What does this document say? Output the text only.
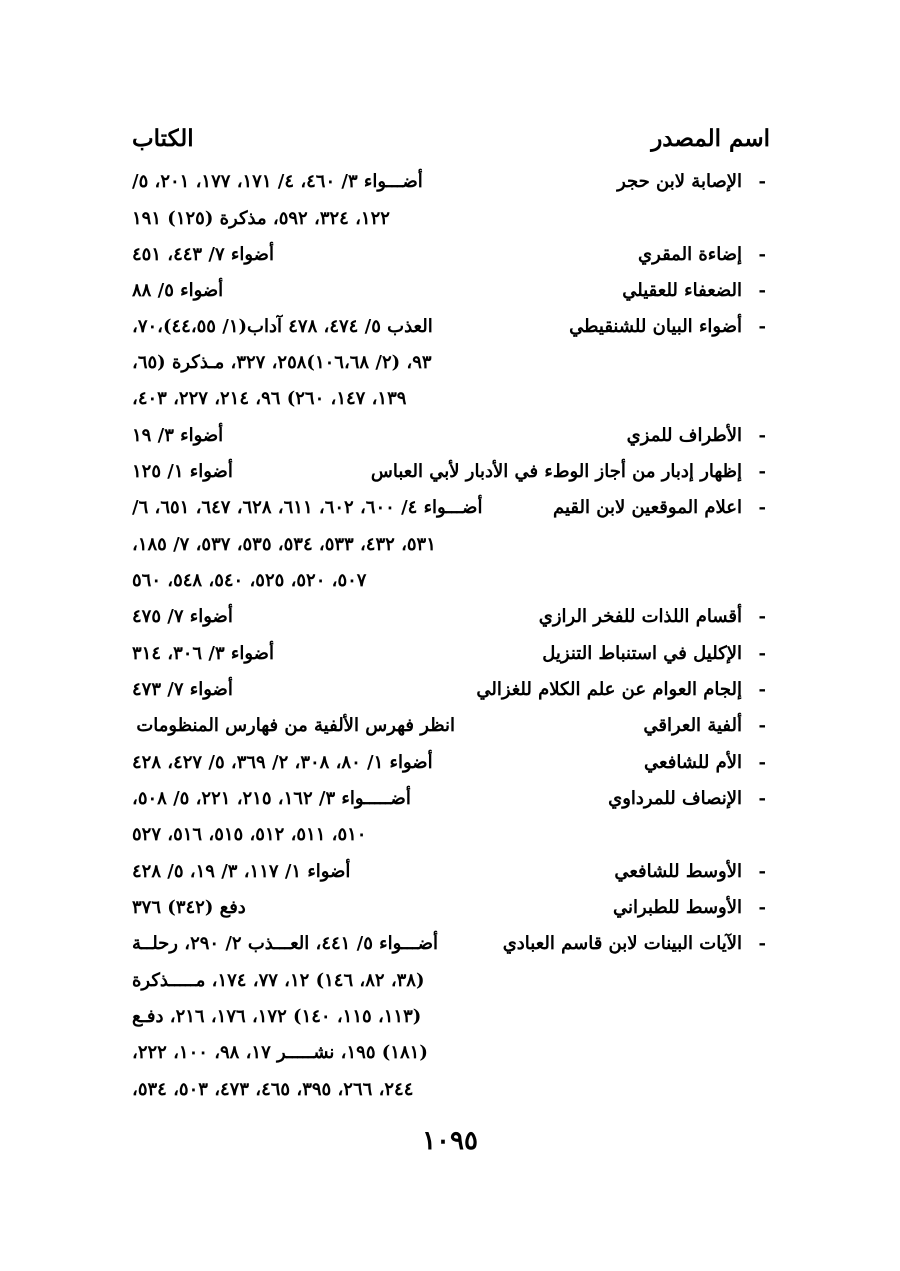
اسم المصدر
الكتاب
-
الإصابة لابن حجر
أضـــواء ٣/ ٤٦٠، ٤/ ١٧١، ١٧٧، ٢٠١، ٥/
١٢٢، ٣٢٤، ٥٩٢، مذكرة (١٢٥) ١٩١
-
إضاءة المقري
أضواء ٧/ ٤٤٣، ٤٥١
-
الضعفاء للعقيلي
أضواء ٥/ ٨٨
-
أضواء البيان للشنقيطي
العذب ٥/ ٤٧٤، ٤٧٨ آداب(١/ ٤٤،٥٥)،٧٠،
٩٣، (٢/ ١٠٦،٦٨)٢٥٨، ٣٢٧، مـذكرة (٦٥،
١٣٩، ١٤٧، ٢٦٠) ٩٦، ٢١٤، ٢٢٧، ٤٠٣،
-
الأطراف للمزي
أضواء ٣/ ١٩
-
إظهار إدبار من أجاز الوطء في الأدبار لأبي العباس
أضواء ١/ ١٢٥
-
اعلام الموقعين لابن القيم
أضـــواء ٤/ ٦٠٠، ٦٠٢، ٦١١، ٦٢٨، ٦٤٧، ٦٥١، ٦/
٥٣١، ٤٣٢، ٥٣٣، ٥٣٤، ٥٣٥، ٥٣٧، ٧/ ١٨٥،
٥٠٧، ٥٢٠، ٥٢٥، ٥٤٠، ٥٤٨، ٥٦٠
-
أقسام اللذات للفخر الرازي
أضواء ٧/ ٤٧٥
-
الإكليل في استنباط التنزيل
أضواء ٣/ ٣٠٦، ٣١٤
-
إلجام العوام عن علم الكلام للغزالي
أضواء ٧/ ٤٧٣
-
ألفية العراقي
انظر فهرس الألفية من فهارس المنظومات
-
الأم للشافعي
أضواء ١/ ٨٠، ٣٠٨، ٢/ ٣٦٩، ٥/ ٤٢٧، ٤٢٨
-
الإنصاف للمرداوي
أضـــــواء ٣/ ١٦٢، ٢١٥، ٢٢١، ٥/ ٥٠٨،
٥١٠، ٥١١، ٥١٢، ٥١٥، ٥١٦، ٥٢٧
-
الأوسط للشافعي
أضواء ١/ ١١٧، ٣/ ١٩، ٥/ ٤٢٨
-
الأوسط للطبراني
دفع (٣٤٢) ٣٧٦
-
الآيات البينات لابن قاسم العبادي
أضـــواء ٥/ ٤٤١، العـــذب ٢/ ٢٩٠، رحلــة
(٣٨، ٨٢، ١٤٦) ١٢، ٧٧، ١٧٤، مـــــذكرة
(١١٣، ١١٥، ١٤٠) ١٧٢، ١٧٦، ٢١٦، دفـع
(١٨١) ١٩٥، نشـــــر ١٧، ٩٨، ١٠٠، ٢٢٢،
٢٤٤، ٢٦٦، ٣٩٥، ٤٦٥، ٤٧٣، ٥٠٣، ٥٣٤،
١٠٩٥
